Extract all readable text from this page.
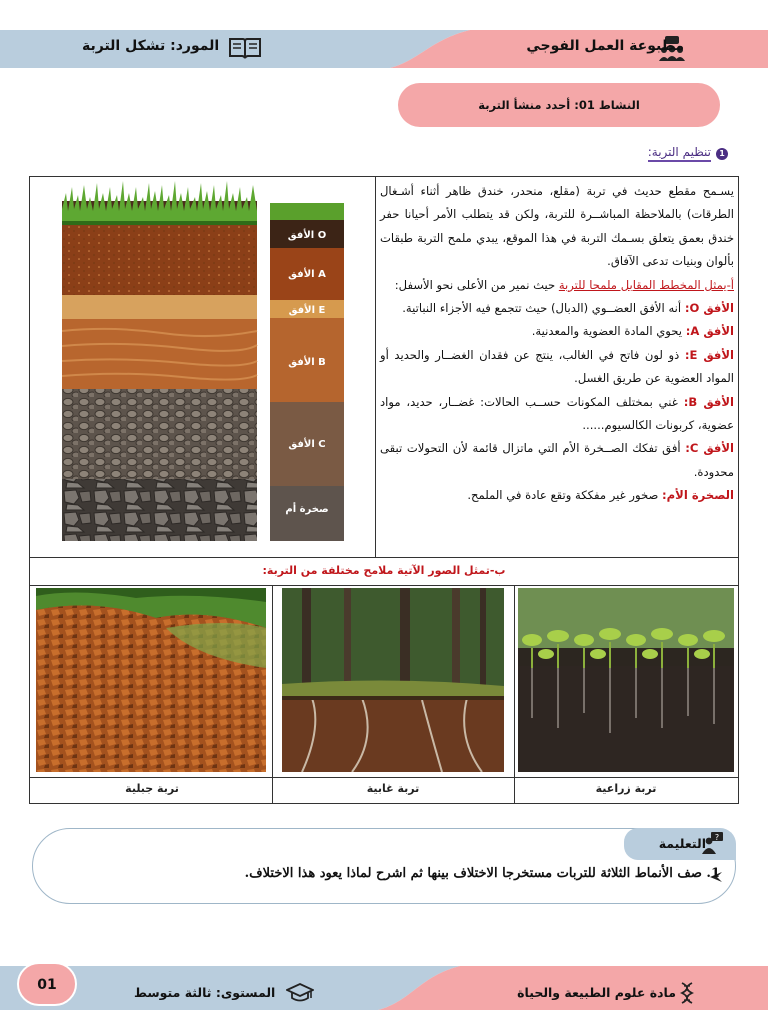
مطبوعة العمل الفوجي
المورد: تشكل التربة
النشاط 01: أحدد منشأ التربة
1
تنظيم التربة:

يسـمح مقطع حديث في تربة (مقلع، منحدر، خندق ظاهر أثناء أشـغال الطرقات) بالملاحظة المباشــرة للتربة، ولكن قد يتطلب الأمر أحيانا حفر خندق بعمق يتعلق بسـمك التربة في هذا الموقع، يبدي ملمح التربة طبقات بألوان وبنيات تدعى الآفاق.

أ-يمثل المخطط المقابل ملمحا للتربة حيث نمير من الأعلى نحو الأسفل:

الأفق O: أنه الأفق العضــوي (الدبال) حيث تتجمع فيه الأجزاء النباتية.

الأفق A: يحوي المادة العضوية والمعدنية.

الأفق E: ذو لون فاتح في الغالب، ينتج عن فقدان الغضــار والحديد أو المواد العضوية عن طريق الغسل.

الأفق B: غني بمختلف المكونات حســب الحالات: غضــار، حديد، مواد عضوية، كربونات الكالسيوم......

الأفق C: أفق تفكك الصــخرة الأم التي ماتزال قائمة لأن التحولات تبقى محدودة.

الصخرة الأم: صخور غير مفككة وتقع عادة في الملمح.

الأفق O
الأفق A
الأفق E
الأفق B
الأفق C
صخرة أم
ب-تمثل الصور الآتية ملامح مختلفة من التربة:
تربة جبلية	تربة غابية	تربة زراعية
?
التعليمة
1. صف الأنماط الثلاثة للتربات مستخرجا الاختلاف بينها ثم اشرح لماذا يعود هذا الاختلاف.
01	مادة علوم الطبيعة والحياة
المستوى: ثالثة متوسط
